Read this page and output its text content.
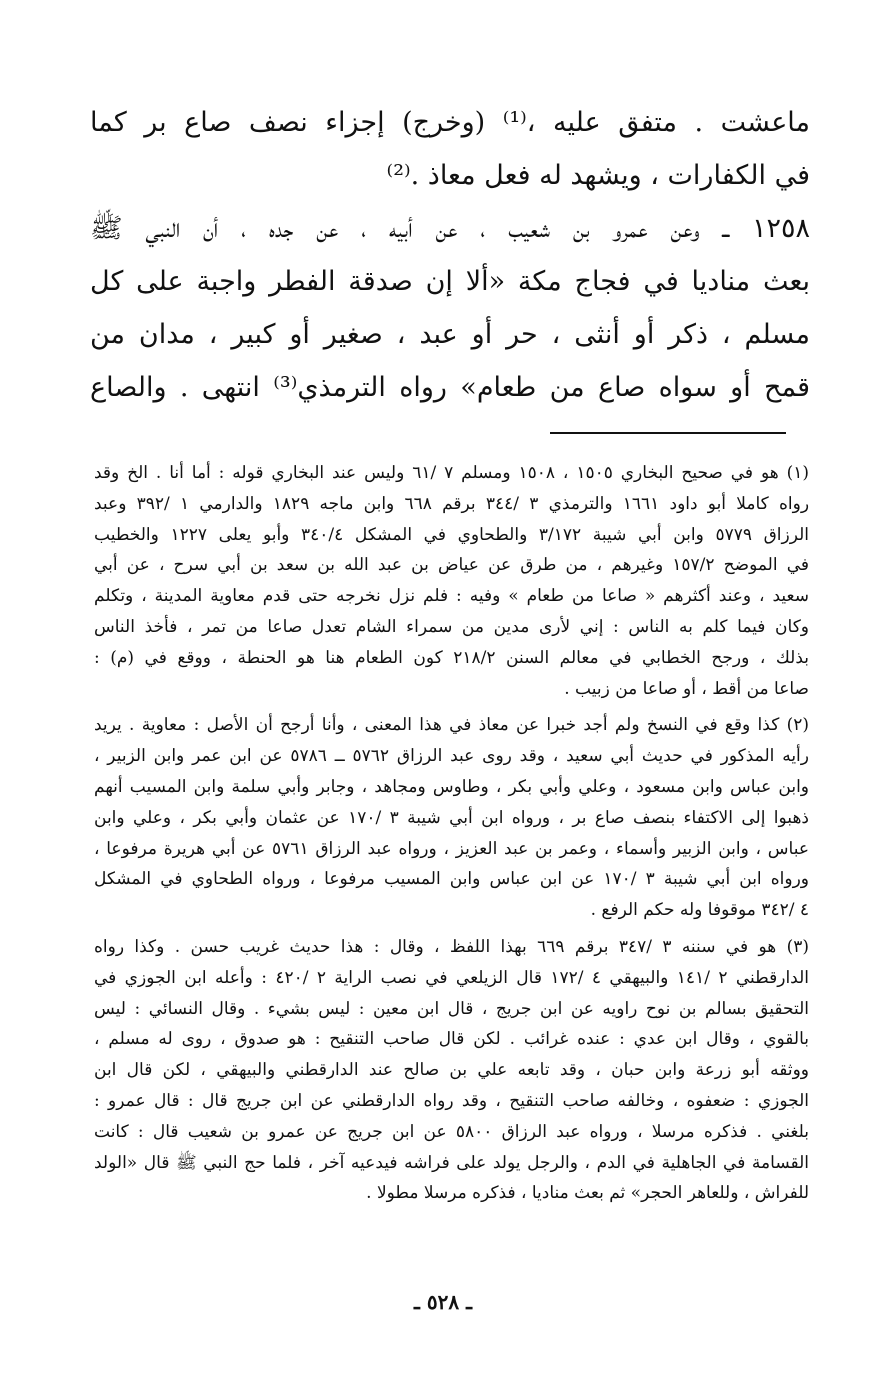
ماعشت . متفق عليه ،⁽¹⁾ (وخرج) إجزاء نصف صاع بر كما
في الكفارات ، ويشهد له فعل معاذ .⁽²⁾
١٢٥٨ ــ وعن عمرو بن شعيب ، عن أبيه ، عن جده ، أن النبي ﷺ
بعث مناديا في فجاج مكة «ألا إن صدقة الفطر واجبة على كل
مسلم ، ذكر أو أنثى ، حر أو عبد ، صغير أو كبير ، مدان من
قمح أو سواه صاع من طعام» رواه الترمذي⁽³⁾ انتهى . والصاع
(١) هو في صحيح البخاري ١٥٠٥ ، ١٥٠٨ ومسلم ٧ /٦١ وليس عند البخاري قوله : أما أنا . الخ وقد
رواه كاملا أبو داود ١٦٦١ والترمذي ٣ /٣٤٤ برقم ٦٦٨ وابن ماجه ١٨٢٩ والدارمي ١ /٣٩٢ وعبد
الرزاق ٥٧٧٩ وابن أبي شيبة ٣/١٧٢ والطحاوي في المشكل ٣٤٠/٤ وأبو يعلى ١٢٢٧ والخطيب
في الموضح ١٥٧/٢ وغيرهم ، من طرق عن عياض بن عبد الله بن سعد بن أبي سرح ، عن أبي
سعيد ، وعند أكثرهم « صاعا من طعام » وفيه : فلم نزل نخرجه حتى قدم معاوية المدينة ، وتكلم
وكان فيما كلم به الناس : إني لأرى مدين من سمراء الشام تعدل صاعا من تمر ، فأخذ الناس
بذلك ، ورجح الخطابي في معالم السنن ٢١٨/٢ كون الطعام هنا هو الحنطة ، ووقع في (م) :
صاعا من أقط ، أو صاعا من زبيب .
(٢) كذا وقع في النسخ ولم أجد خبرا عن معاذ في هذا المعنى ، وأنا أرجح أن الأصل : معاوية . يريد
رأيه المذكور في حديث أبي سعيد ، وقد روى عبد الرزاق ٥٧٦٢ ــ ٥٧٨٦ عن ابن عمر وابن الزبير ،
وابن عباس وابن مسعود ، وعلي وأبي بكر ، وطاوس ومجاهد ، وجابر وأبي سلمة وابن المسيب أنهم
ذهبوا إلى الاكتفاء بنصف صاع بر ، ورواه ابن أبي شيبة ٣ /١٧٠ عن عثمان وأبي بكر ، وعلي وابن
عباس ، وابن الزبير وأسماء ، وعمر بن عبد العزيز ، ورواه عبد الرزاق ٥٧٦١ عن أبي هريرة مرفوعا ،
ورواه ابن أبي شيبة ٣ /١٧٠ عن ابن عباس وابن المسيب مرفوعا ، ورواه الطحاوي في المشكل
٤ /٣٤٢ موقوفا وله حكم الرفع .
(٣) هو في سننه ٣ /٣٤٧ برقم ٦٦٩ بهذا اللفظ ، وقال : هذا حديث غريب حسن . وكذا رواه
الدارقطني ٢ /١٤١ والبيهقي ٤ /١٧٢ قال الزيلعي في نصب الراية ٢ /٤٢٠ : وأعله ابن الجوزي في
التحقيق بسالم بن نوح راويه عن ابن جريج ، قال ابن معين : ليس بشيء . وقال النسائي : ليس
بالقوي ، وقال ابن عدي : عنده غرائب . لكن قال صاحب التنقيح : هو صدوق ، روى له مسلم ،
ووثقه أبو زرعة وابن حبان ، وقد تابعه علي بن صالح عند الدارقطني والبيهقي ، لكن قال ابن
الجوزي : ضعفوه ، وخالفه صاحب التنقيح ، وقد رواه الدارقطني عن ابن جريج قال : قال عمرو :
بلغني . فذكره مرسلا ، ورواه عبد الرزاق ٥٨٠٠ عن ابن جريج عن عمرو بن شعيب قال : كانت
القسامة في الجاهلية في الدم ، والرجل يولد على فراشه فيدعيه آخر ، فلما حج النبي ﷺ قال «الولد
للفراش ، وللعاهر الحجر» ثم بعث مناديا ، فذكره مرسلا مطولا .
ـ ٥٢٨ ـ
